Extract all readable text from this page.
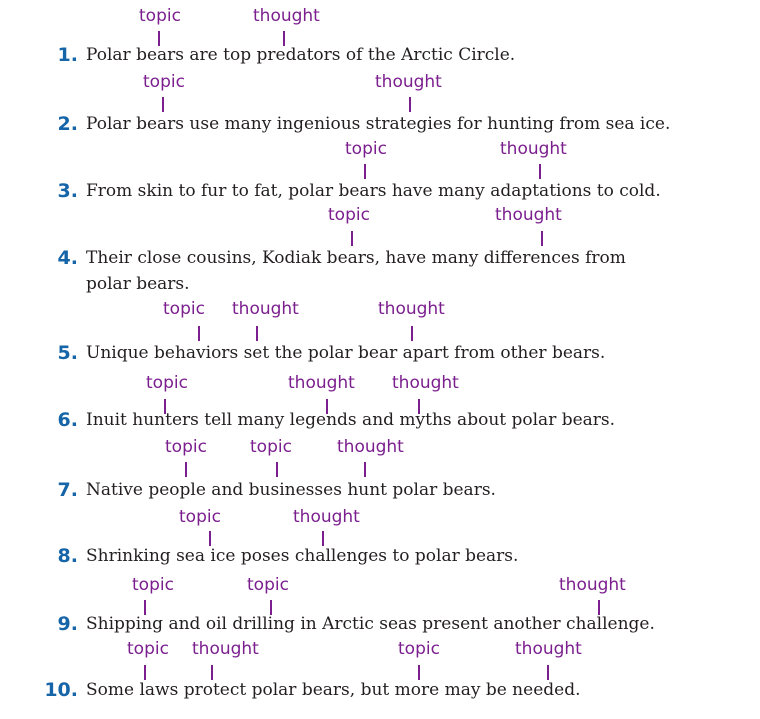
topic	thought
1. Polar bears are top predators of the Arctic Circle.
topic	thought
2. Polar bears use many ingenious strategies for hunting from sea ice.
topic	thought
3. From skin to fur to fat, polar bears have many adaptations to cold.
topic	thought
4. Their close cousins, Kodiak bears, have many differences from
polar bears.
topic thought	thought
5. Unique behaviors set the polar bear apart from other bears.
topic	thought thought
6. Inuit hunters tell many legends and myths about polar bears.
topic	topic	thought
7. Native people and businesses hunt polar bears.
topic	thought
8. Shrinking sea ice poses challenges to polar bears.
topic	topic	thought
9. Shipping and oil drilling in Arctic seas present another challenge.
topic thought	topic	thought
10. Some laws protect polar bears, but more may be needed.
